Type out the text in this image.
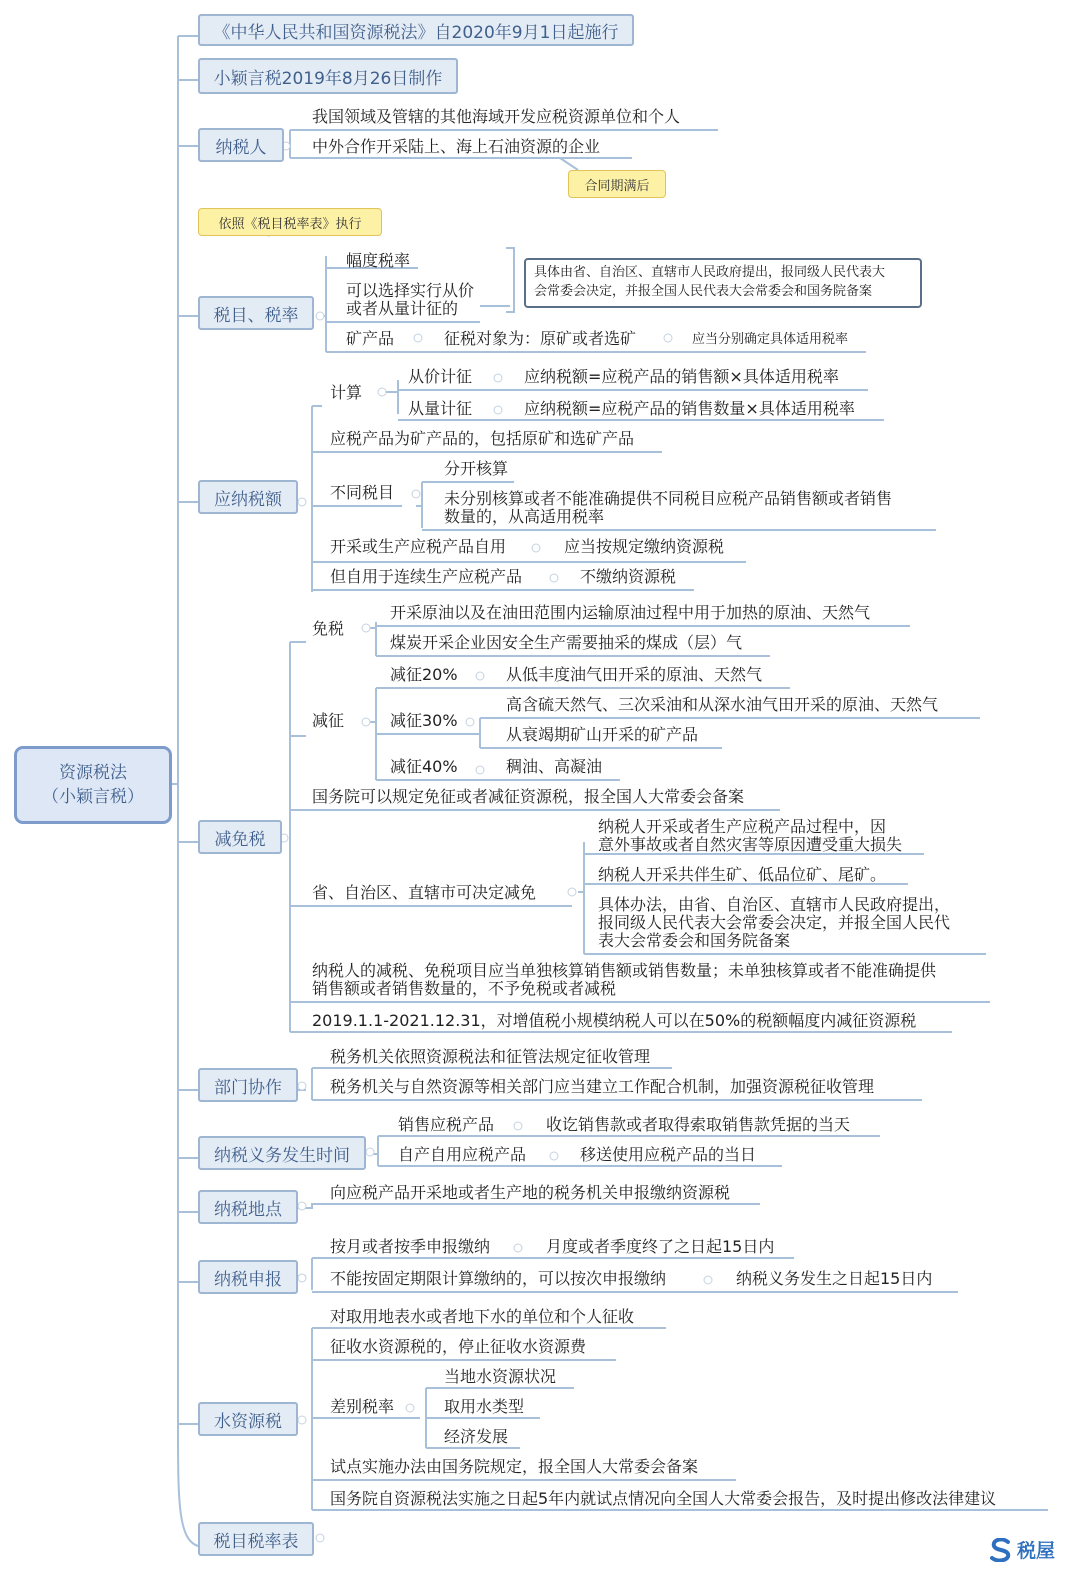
资源税法
（小颖言税）
《中华人民共和国资源税法》自2020年9月1日起施行
小颖言税2019年8月26日制作
纳税人
我国领域及管辖的其他海域开发应税资源单位和个人
中外合作开采陆上、海上石油资源的企业
合同期满后
依照《税目税率表》执行
税目、税率
幅度税率
可以选择实行从价
或者从量计征的
具体由省、自治区、直辖市人民政府提出，报同级人民代表大
会常委会决定，并报全国人民代表大会常委会和国务院备案
矿产品	征税对象为：原矿或者选矿	应当分别确定具体适用税率
应纳税额
计算
从价计征	应纳税额=应税产品的销售额×具体适用税率
从量计征	应纳税额=应税产品的销售数量×具体适用税率
应税产品为矿产品的，包括原矿和选矿产品
不同税目
分开核算
未分别核算或者不能准确提供不同税目应税产品销售额或者销售
数量的，从高适用税率
开采或生产应税产品自用	应当按规定缴纳资源税
但自用于连续生产应税产品	不缴纳资源税
减免税
免税
开采原油以及在油田范围内运输原油过程中用于加热的原油、天然气
煤炭开采企业因安全生产需要抽采的煤成（层）气
减征
减征20%	从低丰度油气田开采的原油、天然气
减征30%
高含硫天然气、三次采油和从深水油气田开采的原油、天然气
从衰竭期矿山开采的矿产品
减征40%	稠油、高凝油
国务院可以规定免征或者减征资源税，报全国人大常委会备案
省、自治区、直辖市可决定减免
纳税人开采或者生产应税产品过程中，因
意外事故或者自然灾害等原因遭受重大损失
纳税人开采共伴生矿、低品位矿、尾矿。
具体办法，由省、自治区、直辖市人民政府提出，
报同级人民代表大会常委会决定，并报全国人民代
表大会常委会和国务院备案
纳税人的减税、免税项目应当单独核算销售额或销售数量；未单独核算或者不能准确提供
销售额或者销售数量的，不予免税或者减税
2019.1.1-2021.12.31，对增值税小规模纳税人可以在50%的税额幅度内减征资源税
部门协作
税务机关依照资源税法和征管法规定征收管理
税务机关与自然资源等相关部门应当建立工作配合机制，加强资源税征收管理
纳税义务发生时间
销售应税产品	收讫销售款或者取得索取销售款凭据的当天
自产自用应税产品	移送使用应税产品的当日
纳税地点
向应税产品开采地或者生产地的税务机关申报缴纳资源税
纳税申报
按月或者按季申报缴纳	月度或者季度终了之日起15日内
不能按固定期限计算缴纳的，可以按次申报缴纳	纳税义务发生之日起15日内
水资源税
对取用地表水或者地下水的单位和个人征收
征收水资源税的，停止征收水资源费
差别税率
当地水资源状况
取用水类型
经济发展
试点实施办法由国务院规定，报全国人大常委会备案
国务院自资源税法实施之日起5年内就试点情况向全国人大常委会报告，及时提出修改法律建议
税目税率表	税屋
